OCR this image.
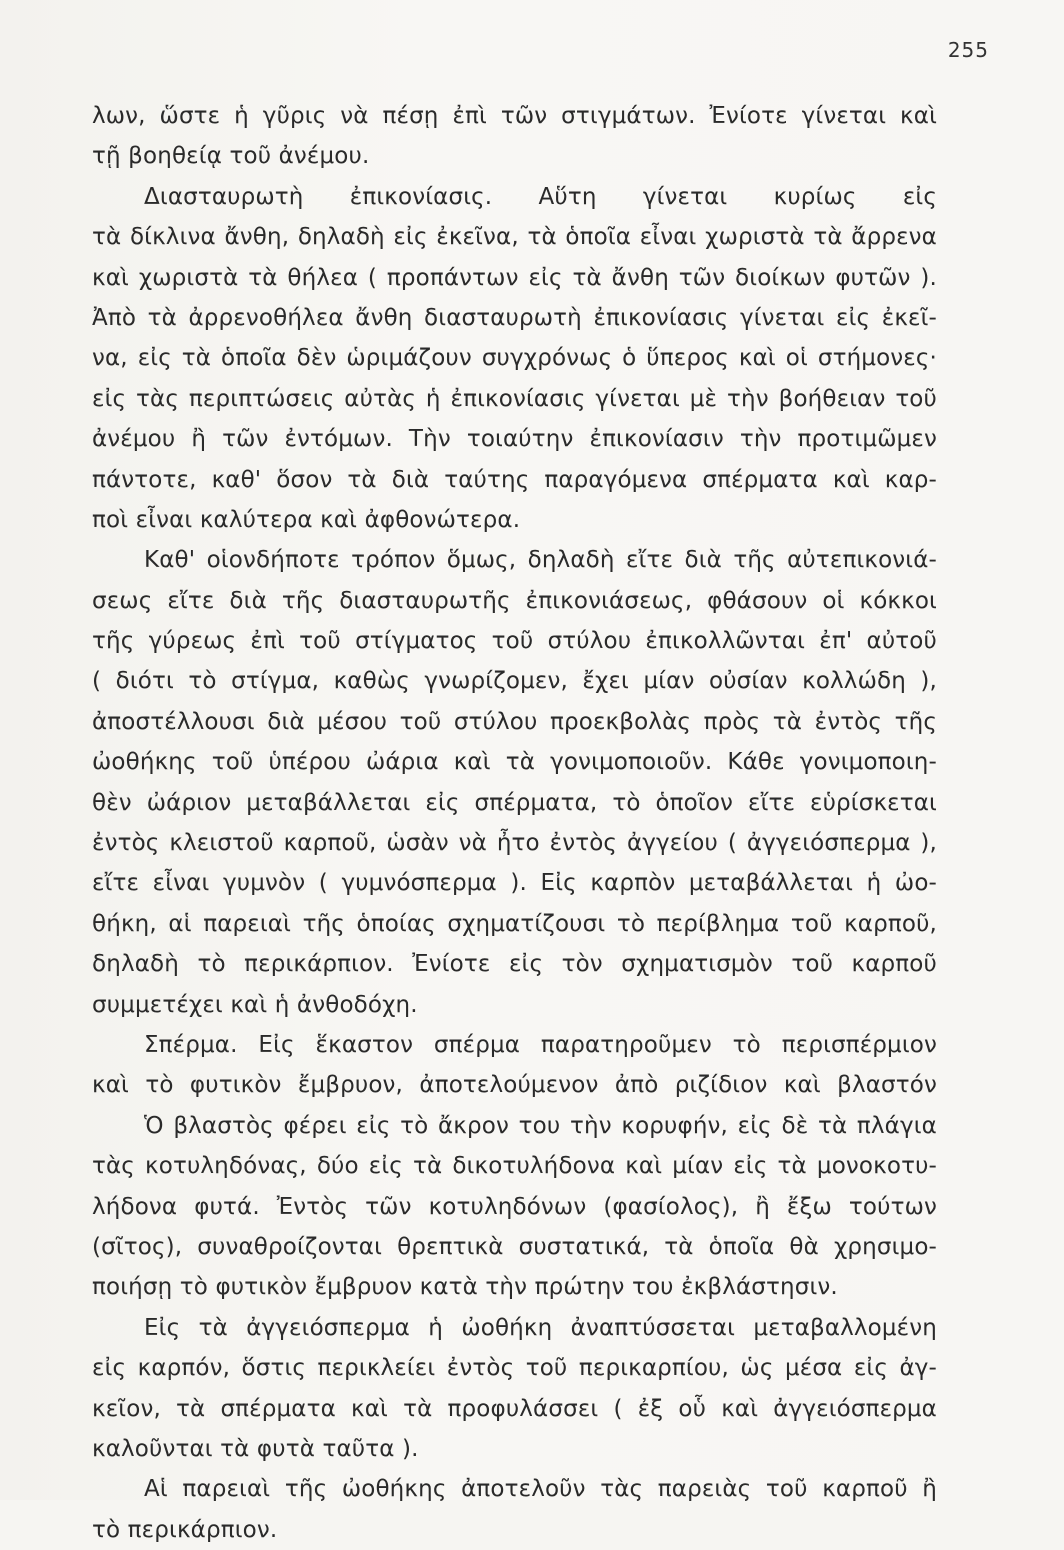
255
λων, ὥστε ἡ γῦρις νὰ πέσῃ ἐπὶ τῶν στιγμάτων. Ἐνίοτε γίνεται καὶ
τῇ βοηθείᾳ τοῦ ἀνέμου.
Διασταυρωτὴ ἐπικονίασις. Αὕτη γίνεται κυρίως εἰς
τὰ δίκλινα ἄνθη, δηλαδὴ εἰς ἐκεῖνα, τὰ ὁποῖα εἶναι χωριστὰ τὰ ἄρρενα
καὶ χωριστὰ τὰ θήλεα ( προπάντων εἰς τὰ ἄνθη τῶν διοίκων φυτῶν ).
Ἀπὸ τὰ ἀρρενοθήλεα ἄνθη διασταυρωτὴ ἐπικονίασις γίνεται εἰς ἐκεῖ-
να, εἰς τὰ ὁποῖα δὲν ὡριμάζουν συγχρόνως ὁ ὕπερος καὶ οἱ στήμονες·
εἰς τὰς περιπτώσεις αὐτὰς ἡ ἐπικονίασις γίνεται μὲ τὴν βοήθειαν τοῦ
ἀνέμου ἢ τῶν ἐντόμων. Τὴν τοιαύτην ἐπικονίασιν τὴν προτιμῶμεν
πάντοτε, καθ' ὅσον τὰ διὰ ταύτης παραγόμενα σπέρματα καὶ καρ-
ποὶ εἶναι καλύτερα καὶ ἀφθονώτερα.
Καθ' οἱονδήποτε τρόπον ὅμως, δηλαδὴ εἴτε διὰ τῆς αὐτεπικονιά-
σεως εἴτε διὰ τῆς διασταυρωτῆς ἐπικονιάσεως, φθάσουν οἱ κόκκοι
τῆς γύρεως ἐπὶ τοῦ στίγματος τοῦ στύλου ἐπικολλῶνται ἐπ' αὐτοῦ
( διότι τὸ στίγμα, καθὼς γνωρίζομεν, ἔχει μίαν οὐσίαν κολλώδη ),
ἀποστέλλουσι διὰ μέσου τοῦ στύλου προεκβολὰς πρὸς τὰ ἐντὸς τῆς
ὠοθήκης τοῦ ὑπέρου ὠάρια καὶ τὰ γονιμοποιοῦν. Κάθε γονιμοποιη-
θὲν ὠάριον μεταβάλλεται εἰς σπέρματα, τὸ ὁποῖον εἴτε εὑρίσκεται
ἐντὸς κλειστοῦ καρποῦ, ὡσὰν νὰ ἦτο ἐντὸς ἀγγείου ( ἀγγειόσπερμα ),
εἴτε εἶναι γυμνὸν ( γυμνόσπερμα ). Εἰς καρπὸν μεταβάλλεται ἡ ὠο-
θήκη, αἱ παρειαὶ τῆς ὁποίας σχηματίζουσι τὸ περίβλημα τοῦ καρποῦ,
δηλαδὴ τὸ περικάρπιον. Ἐνίοτε εἰς τὸν σχηματισμὸν τοῦ καρποῦ
συμμετέχει καὶ ἡ ἀνθοδόχη.
Σπέρμα. Εἰς ἕκαστον σπέρμα παρατηροῦμεν τὸ περισπέρμιον
καὶ τὸ φυτικὸν ἔμβρυον, ἀποτελούμενον ἀπὸ ριζίδιον καὶ βλαστόν
Ὁ βλαστὸς φέρει εἰς τὸ ἄκρον του τὴν κορυφήν, εἰς δὲ τὰ πλάγια
τὰς κοτυληδόνας, δύο εἰς τὰ δικοτυλήδονα καὶ μίαν εἰς τὰ μονοκοτυ-
λήδονα φυτά. Ἐντὸς τῶν κοτυληδόνων (φασίολος), ἢ ἔξω τούτων
(σῖτος), συναθροίζονται θρεπτικὰ συστατικά, τὰ ὁποῖα θὰ χρησιμο-
ποιήσῃ τὸ φυτικὸν ἔμβρυον κατὰ τὴν πρώτην του ἐκβλάστησιν.
Εἰς τὰ ἀγγειόσπερμα ἡ ὠοθήκη ἀναπτύσσεται μεταβαλλομένη
εἰς καρπόν, ὅστις περικλείει ἐντὸς τοῦ περικαρπίου, ὡς μέσα εἰς ἀγ-
κεῖον, τὰ σπέρματα καὶ τὰ προφυλάσσει ( ἐξ οὗ καὶ ἀγγειόσπερμα
καλοῦνται τὰ φυτὰ ταῦτα ).
Αἱ παρειαὶ τῆς ὠοθήκης ἀποτελοῦν τὰς παρειὰς τοῦ καρποῦ ἢ
τὸ περικάρπιον.
